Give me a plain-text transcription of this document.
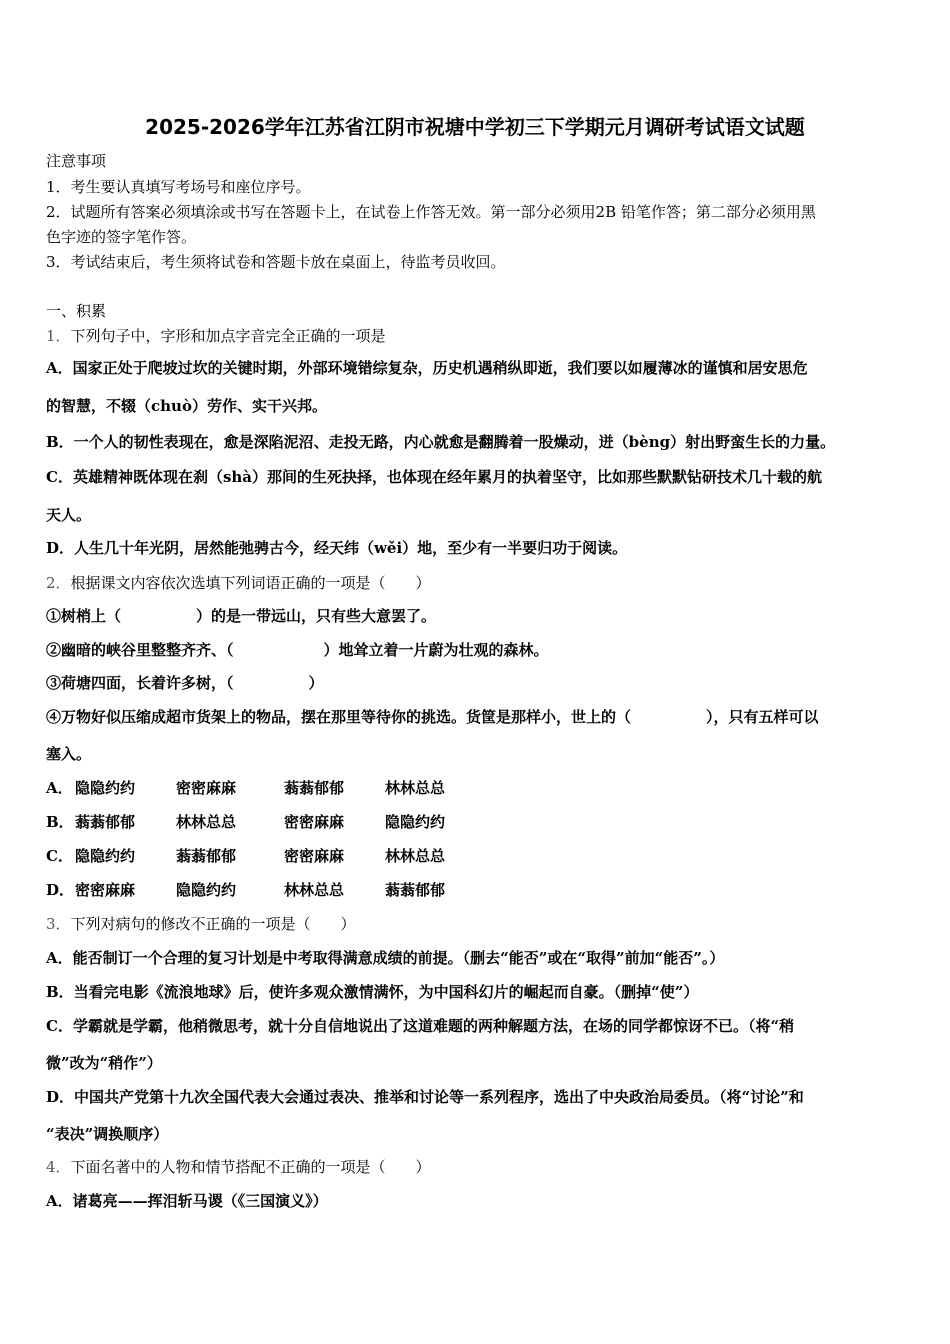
2025-2026学年江苏省江阴市祝塘中学初三下学期元月调研考试语文试题
注意事项
1．考生要认真填写考场号和座位序号。
2．试题所有答案必须填涂或书写在答题卡上，在试卷上作答无效。第一部分必须用2B 铅笔作答；第二部分必须用黑
色字迹的签字笔作答。
3．考试结束后，考生须将试卷和答题卡放在桌面上，待监考员收回。
一、积累
1．下列句子中，字形和加点字音完全正确的一项是
A．国家正处于爬坡过坎的关键时期，外部环境错综复杂，历史机遇稍纵即逝，我们要以如履薄冰的谨慎和居安思危
的智慧，不辍（chuò）劳作、实干兴邦。
B．一个人的韧性表现在，愈是深陷泥沼、走投无路，内心就愈是翻腾着一股燥动，迸（bèng）射出野蛮生长的力量。
C．英雄精神既体现在刹（shà）那间的生死抉择，也体现在经年累月的执着坚守，比如那些默默钻研技术几十载的航
天人。
D．人生几十年光阴，居然能弛骋古今，经天纬（wěi）地，至少有一半要归功于阅读。
2．根据课文内容依次选填下列词语正确的一项是（　　）
①树梢上（　　　　　）的是一带远山，只有些大意罢了。
②幽暗的峡谷里整整齐齐、（　　　　　　）地耸立着一片蔚为壮观的森林。
③荷塘四面，长着许多树，（　　　　　）
④万物好似压缩成超市货架上的物品，摆在那里等待你的挑选。货筐是那样小，世上的（　　　　　），只有五样可以
塞入。
A． 隐隐约约	密密麻麻	蓊蓊郁郁	林林总总
B． 蓊蓊郁郁	林林总总	密密麻麻	隐隐约约
C． 隐隐约约	蓊蓊郁郁	密密麻麻	林林总总
D． 密密麻麻	隐隐约约	林林总总	蓊蓊郁郁
3．下列对病句的修改不正确的一项是（　　）
A．能否制订一个合理的复习计划是中考取得满意成绩的前提。（删去“能否”或在“取得”前加“能否”。）
B．当看完电影《流浪地球》后，使许多观众激情满怀，为中国科幻片的崛起而自豪。（删掉“使”）
C．学霸就是学霸，他稍微思考，就十分自信地说出了这道难题的两种解题方法，在场的同学都惊讶不已。（将“稍
微”改为“稍作”）
D．中国共产党第十九次全国代表大会通过表决、推举和讨论等一系列程序，选出了中央政治局委员。（将“讨论”和
“表决”调换顺序）
4．下面名著中的人物和情节搭配不正确的一项是（　　）
A．诸葛亮——挥泪斩马谡（《三国演义》）
